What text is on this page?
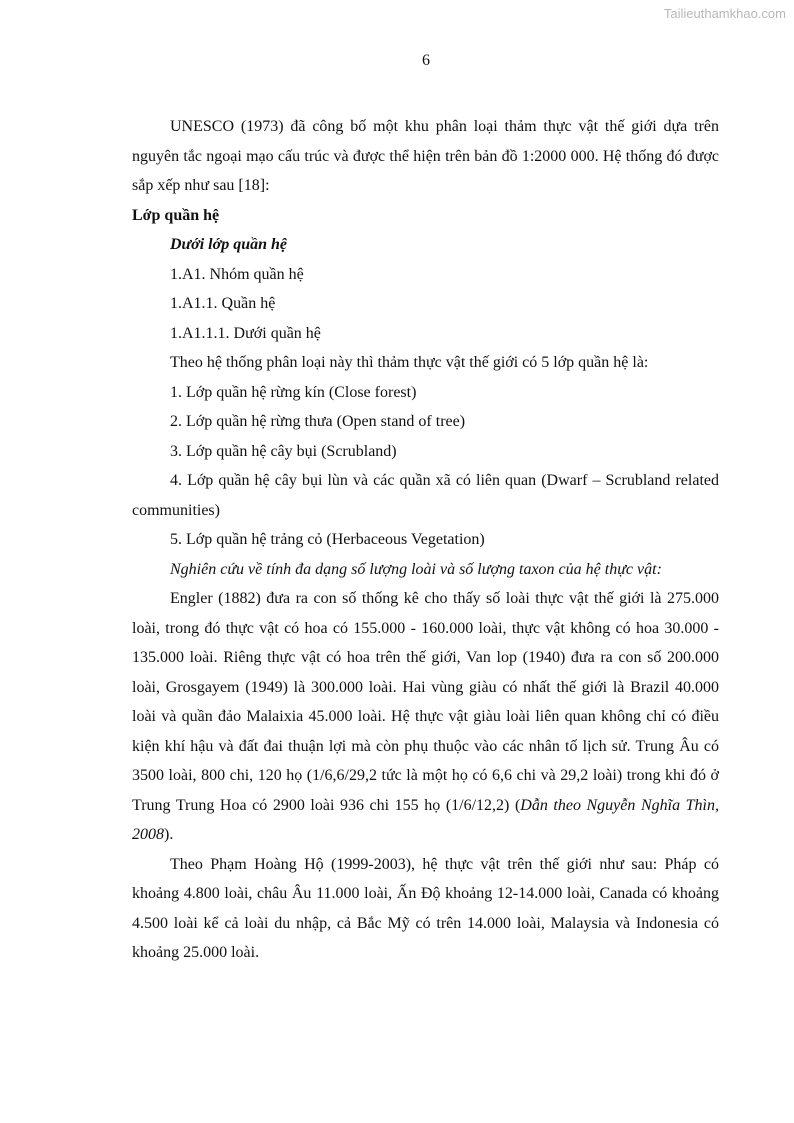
Tailieuthamkhao.com
6

UNESCO (1973) đã công bố một khu phân loại thảm thực vật thế giới dựa trên nguyên tắc ngoại mạo cấu trúc và được thể hiện trên bản đồ 1:2000 000. Hệ thống đó được sắp xếp như sau [18]:

Lớp quần hệ

Dưới lớp quần hệ

1.A1. Nhóm quần hệ

1.A1.1. Quần hệ

1.A1.1.1. Dưới quần hệ

Theo hệ thống phân loại này thì thảm thực vật thế giới có 5 lớp quần hệ là:

1. Lớp quần hệ rừng kín (Close forest)

2. Lớp quần hệ rừng thưa (Open stand of tree)

3. Lớp quần hệ cây bụi (Scrubland)

4. Lớp quần hệ cây bụi lùn và các quần xã có liên quan (Dwarf – Scrubland related communities)

5. Lớp quần hệ trảng cỏ (Herbaceous Vegetation)

Nghiên cứu về tính đa dạng số lượng loài và số lượng taxon của hệ thực vật:

Engler (1882) đưa ra con số thống kê cho thấy số loài thực vật thế giới là 275.000 loài, trong đó thực vật có hoa có 155.000 - 160.000 loài, thực vật không có hoa 30.000 - 135.000 loài. Riêng thực vật có hoa trên thế giới, Van lop (1940) đưa ra con số 200.000 loài, Grosgayem (1949) là 300.000 loài. Hai vùng giàu có nhất thế giới là Brazil 40.000 loài và quần đảo Malaixia 45.000 loài. Hệ thực vật giàu loài liên quan không chỉ có điều kiện khí hậu và đất đai thuận lợi mà còn phụ thuộc vào các nhân tố lịch sử. Trung Âu có 3500 loài, 800 chi, 120 họ (1/6,6/29,2 tức là một họ có 6,6 chi và 29,2 loài) trong khi đó ở Trung Trung Hoa có 2900 loài 936 chi 155 họ (1/6/12,2) (Dẫn theo Nguyễn Nghĩa Thìn, 2008).

Theo Phạm Hoàng Hộ (1999-2003), hệ thực vật trên thế giới như sau: Pháp có khoảng 4.800 loài, châu Âu 11.000 loài, Ấn Độ khoảng 12-14.000 loài, Canada có khoảng 4.500 loài kể cả loài du nhập, cả Bắc Mỹ có trên 14.000 loài, Malaysia và Indonesia có khoảng 25.000 loài.
